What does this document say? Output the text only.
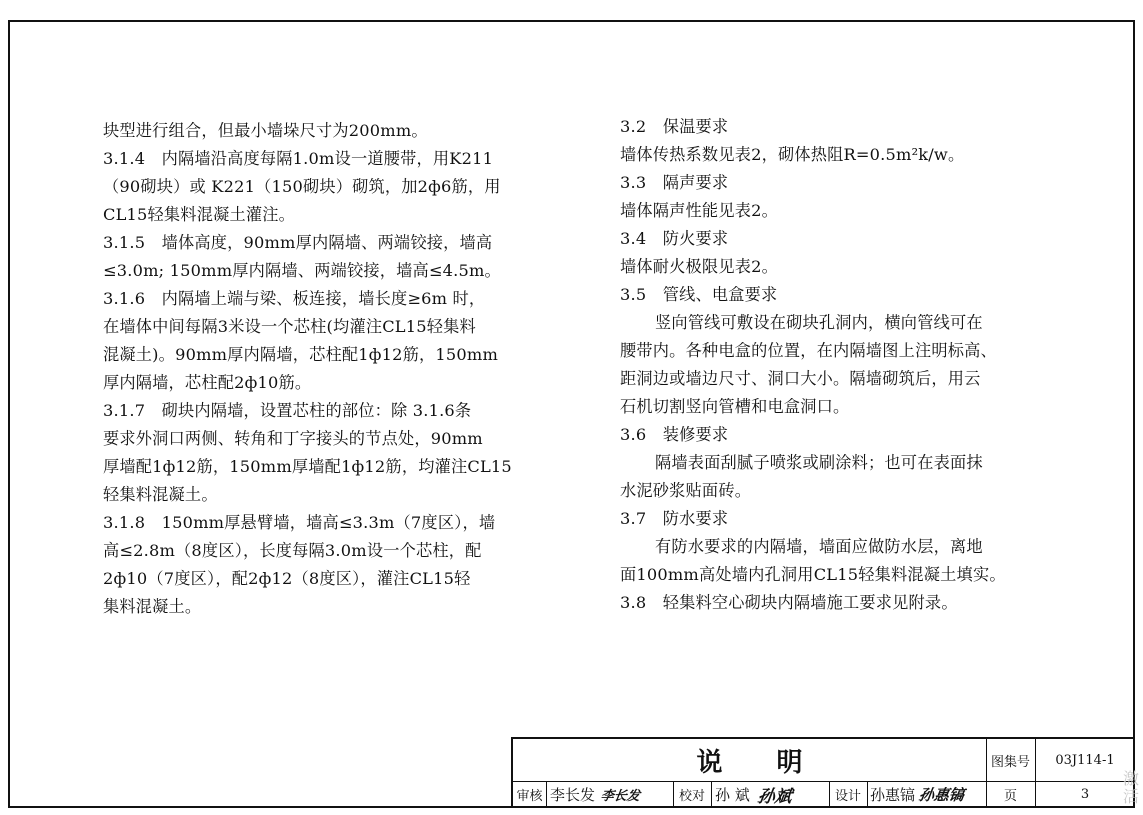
块型进行组合，但最小墙垛尺寸为200mm。
3.1.4　内隔墙沿高度每隔1.0m设一道腰带，用K211
（90砌块）或 K221（150砌块）砌筑，加2ф6筋，用
CL15轻集料混凝土灌注。
3.1.5　墙体高度，90mm厚内隔墙、两端铰接，墙高
≤3.0m; 150mm厚内隔墙、两端铰接，墙高≤4.5m。
3.1.6　内隔墙上端与梁、板连接，墙长度≥6m 时，
在墙体中间每隔3米设一个芯柱(均灌注CL15轻集料
混凝土)。90mm厚内隔墙，芯柱配1ф12筋，150mm
厚内隔墙，芯柱配2ф10筋。
3.1.7　砌块内隔墙，设置芯柱的部位：除 3.1.6条
要求外洞口两侧、转角和丁字接头的节点处，90mm
厚墙配1ф12筋，150mm厚墙配1ф12筋，均灌注CL15
轻集料混凝土。
3.1.8　150mm厚悬臂墙，墙高≤3.3m（7度区），墙
高≤2.8m（8度区），长度每隔3.0m设一个芯柱，配
2ф10（7度区），配2ф12（8度区），灌注CL15轻
集料混凝土。
3.2　保温要求
墙体传热系数见表2，砌体热阻R=0.5m²k/w。
3.3　隔声要求
墙体隔声性能见表2。
3.4　防火要求
墙体耐火极限见表2。
3.5　管线、电盒要求
竖向管线可敷设在砌块孔洞内，横向管线可在
腰带内。各种电盒的位置，在内隔墙图上注明标高、
距洞边或墙边尺寸、洞口大小。隔墙砌筑后，用云
石机切割竖向管槽和电盒洞口。
3.6　装修要求
隔墙表面刮腻子喷浆或刷涂料；也可在表面抹
水泥砂浆贴面砖。
3.7　防水要求
有防水要求的内隔墙，墙面应做防水层，离地
面100mm高处墙内孔洞用CL15轻集料混凝土填实。
3.8　轻集料空心砌块内隔墙施工要求见附录。
说明	图集号	03J114-1
审核 李长发 李长发	校对 孙 斌 孙斌	设计 孙惠镐 孙惠镐	页	3
激
活
